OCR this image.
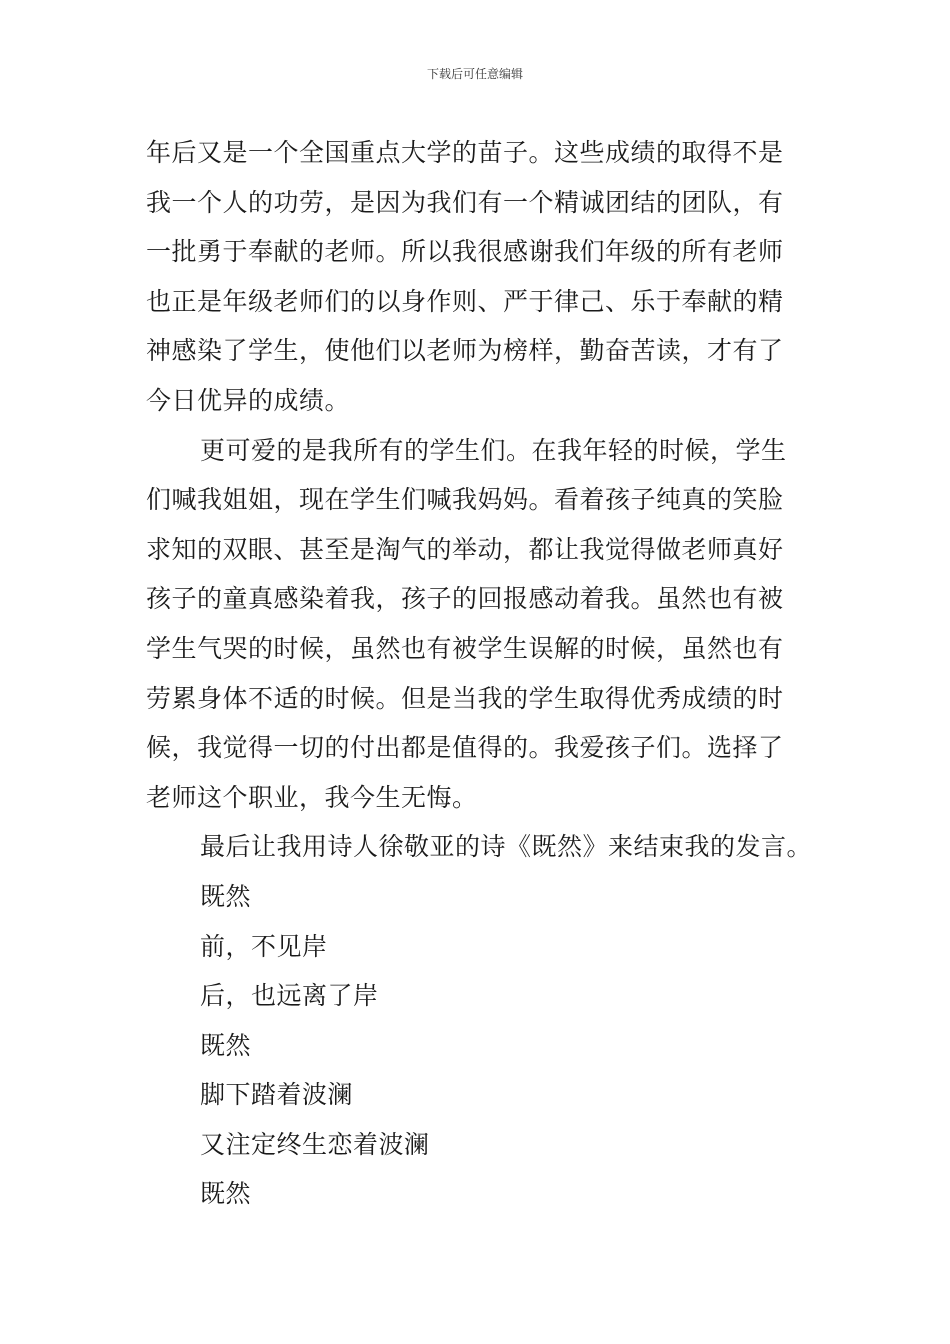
下载后可任意编辑
年后又是一个全国重点大学的苗子。这些成绩的取得不是
我一个人的功劳，是因为我们有一个精诚团结的团队，有
一批勇于奉献的老师。所以我很感谢我们年级的所有老师
也正是年级老师们的以身作则、严于律己、乐于奉献的精
神感染了学生，使他们以老师为榜样，勤奋苦读，才有了
今日优异的成绩。
更可爱的是我所有的学生们。在我年轻的时候，学生
们喊我姐姐，现在学生们喊我妈妈。看着孩子纯真的笑脸
求知的双眼、甚至是淘气的举动，都让我觉得做老师真好
孩子的童真感染着我，孩子的回报感动着我。虽然也有被
学生气哭的时候，虽然也有被学生误解的时候，虽然也有
劳累身体不适的时候。但是当我的学生取得优秀成绩的时
候，我觉得一切的付出都是值得的。我爱孩子们。选择了
老师这个职业，我今生无悔。
最后让我用诗人徐敬亚的诗《既然》来结束我的发言。
既然
前，不见岸
后，也远离了岸
既然
脚下踏着波澜
又注定终生恋着波澜
既然
